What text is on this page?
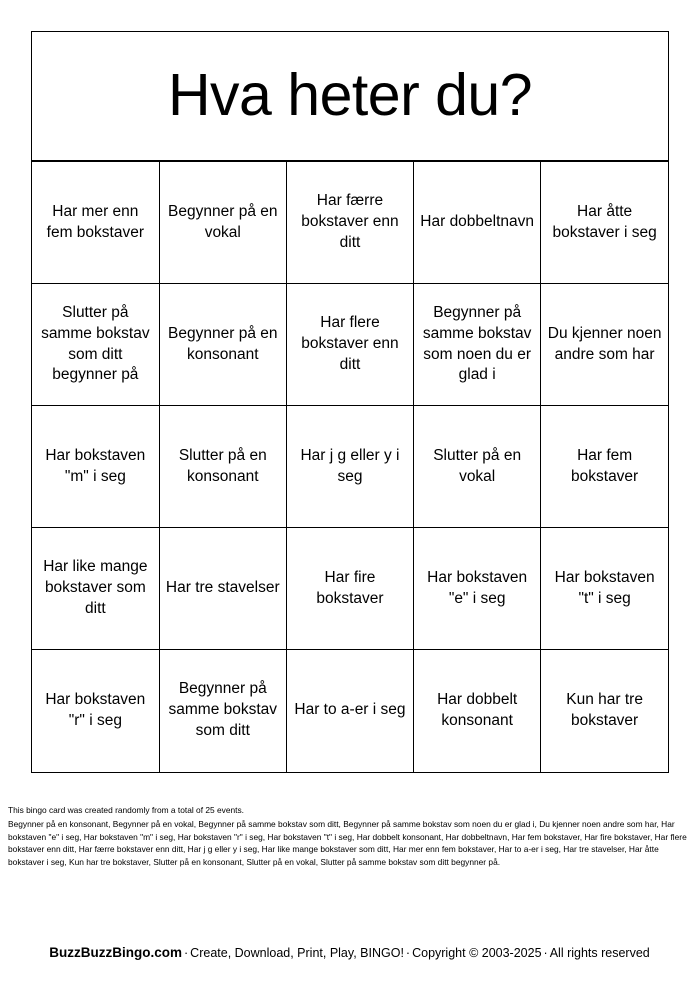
Hva heter du?
Har mer enn fem bokstaver	Begynner på en vokal	Har færre bokstaver enn ditt	Har dobbeltnavn	Har åtte bokstaver i seg
Slutter på samme bokstav som ditt begynner på	Begynner på en konsonant	Har flere bokstaver enn ditt	Begynner på samme bokstav som noen du er glad i	Du kjenner noen andre som har
Har bokstaven "m" i seg	Slutter på en konsonant	Har j g eller y i seg	Slutter på en vokal	Har fem bokstaver
Har like mange bokstaver som ditt	Har tre stavelser	Har fire bokstaver	Har bokstaven "e" i seg	Har bokstaven "t" i seg
Har bokstaven "r" i seg	Begynner på samme bokstav som ditt	Har to a-er i seg	Har dobbelt konsonant	Kun har tre bokstaver
This bingo card was created randomly from a total of 25 events.
Begynner på en konsonant, Begynner på en vokal, Begynner på samme bokstav som ditt, Begynner på samme bokstav som noen du er glad i, Du kjenner noen andre som har, Har bokstaven "e" i seg, Har bokstaven "m" i seg, Har bokstaven "r" i seg, Har bokstaven "t" i seg, Har dobbelt konsonant, Har dobbeltnavn, Har fem bokstaver, Har fire bokstaver, Har flere bokstaver enn ditt, Har færre bokstaver enn ditt, Har j g eller y i seg, Har like mange bokstaver som ditt, Har mer enn fem bokstaver, Har to a-er i seg, Har tre stavelser, Har åtte bokstaver i seg, Kun har tre bokstaver, Slutter på en konsonant, Slutter på en vokal, Slutter på samme bokstav som ditt begynner på.
BuzzBuzzBingo.com · Create, Download, Print, Play, BINGO! · Copyright © 2003-2025 · All rights reserved
